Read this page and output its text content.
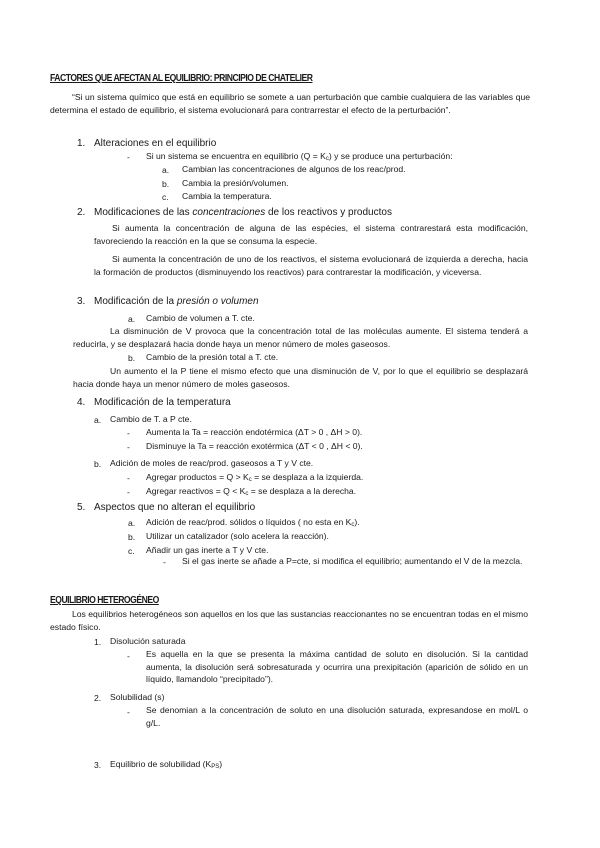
FACTORES QUE AFECTAN AL EQUILIBRIO: PRINCIPIO DE CHATELIER
“Si un sistema químico que está en equilibrio se somete a uan perturbación que cambie cualquiera de las variables que determina el estado de equilibrio, el sistema evolucionará para contrarrestar el efecto de la perturbación”.
1. Alteraciones en el equilibrio
- Si un sistema se encuentra en equilibrio $(Q = K_c)$ y se produce una perturbación:
a. Cambian las concentraciones de algunos de los reac/prod.
b. Cambia la presión/volumen.
c. Cambia la temperatura.
2. Modificaciones de las concentraciones de los reactivos y productos
Si aumenta la concentración de alguna de las espécies, el sistema contrarestará esta modificación, favoreciendo la reacción en la que se consuma la especie.
Si aumenta la concentración de uno de los reactivos, el sistema evolucionará de izquierda a derecha, hacia la formación de productos (disminuyendo los reactivos) para contrarestar la modificación, y viceversa.
3. Modificación de la presión o volumen
a. Cambio de volumen a T. cte.
La disminución de V provoca que la concentración total de las moléculas aumente. El sistema tenderá a reducirla, y se desplazará hacia donde haya un menor número de moles gaseosos.
b. Cambio de la presión total a T. cte.
Un aumento el la P tiene el mismo efecto que una disminución de V, por lo que el equilibrio se desplazará hacia donde haya un menor número de moles gaseosos.
4. Modificación de la temperatura
a. Cambio de T. a P cte.
- Aumenta la Ta = reacción endotérmica (ΔT > 0 , ΔH > 0).
- Disminuye la Ta = reacción exotérmica (ΔT < 0 , ΔH < 0).
b. Adición de moles de reac/prod. gaseosos a T y V cte.
- Agregar productos = $Q > K_c$ = se desplaza a la izquierda.
- Agregar reactivos = $Q < K_c$ = se desplaza a la derecha.
5. Aspectos que no alteran el equilibrio
a. Adición de reac/prod. sólidos o líquidos ( no esta en $K_c$).
b. Utilizar un catalizador (solo acelera la reacción).
c. Añadir un gas inerte a T y V cte.
- Si el gas inerte se añade a P=cte, si modifica el equilibrio; aumentando el V de la mezcla.
EQUILIBRIO HETEROGÉNEO
Los equilibrios heterogéneos son aquellos en los que las sustancias reaccionantes no se encuentran todas en el mismo estado físico.
1. Disolución saturada
- Es aquella en la que se presenta la máxima cantidad de soluto en disolución. Si la cantidad aumenta, la disolución será sobresaturada y ocurrira una prexipitación (aparición de sólido en un líquido, llamandolo “precipitado”).
2. Solubilidad (s)
- Se denomian a la concentración de soluto en una disolución saturada, expresandose en mol/L o g/L.
3. Equilibrio de solubilidad $(K_{PS})$
